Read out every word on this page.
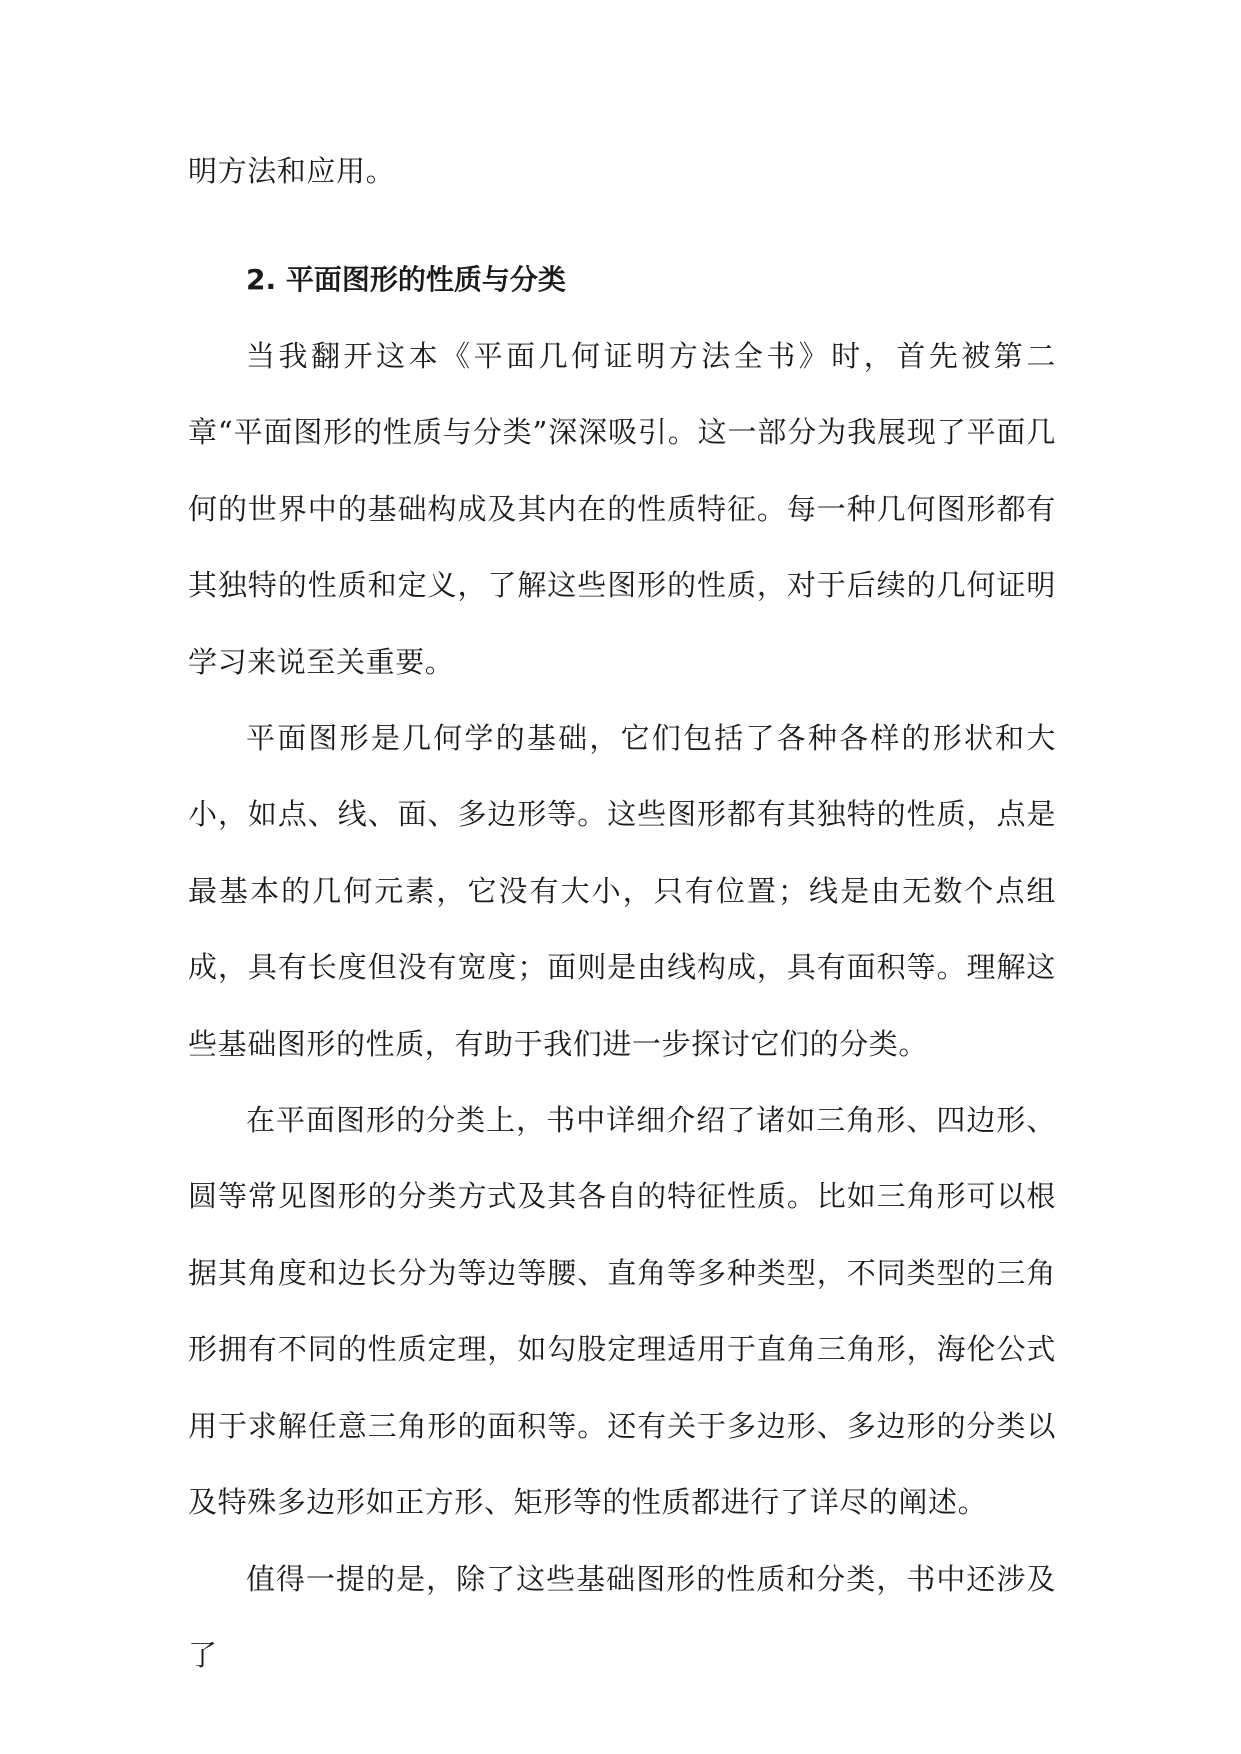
明方法和应用。

2. 平面图形的性质与分类

当我翻开这本《平面几何证明方法全书》时，首先被第二章“平面图形的性质与分类”深深吸引。这一部分为我展现了平面几何的世界中的基础构成及其内在的性质特征。每一种几何图形都有其独特的性质和定义，了解这些图形的性质，对于后续的几何证明学习来说至关重要。

平面图形是几何学的基础，它们包括了各种各样的形状和大小，如点、线、面、多边形等。这些图形都有其独特的性质，点是最基本的几何元素，它没有大小，只有位置；线是由无数个点组成，具有长度但没有宽度；面则是由线构成，具有面积等。理解这些基础图形的性质，有助于我们进一步探讨它们的分类。

在平面图形的分类上，书中详细介绍了诸如三角形、四边形、圆等常见图形的分类方式及其各自的特征性质。比如三角形可以根据其角度和边长分为等边等腰、直角等多种类型，不同类型的三角形拥有不同的性质定理，如勾股定理适用于直角三角形，海伦公式用于求解任意三角形的面积等。还有关于多边形、多边形的分类以及特殊多边形如正方形、矩形等的性质都进行了详尽的阐述。

值得一提的是，除了这些基础图形的性质和分类，书中还涉及了
